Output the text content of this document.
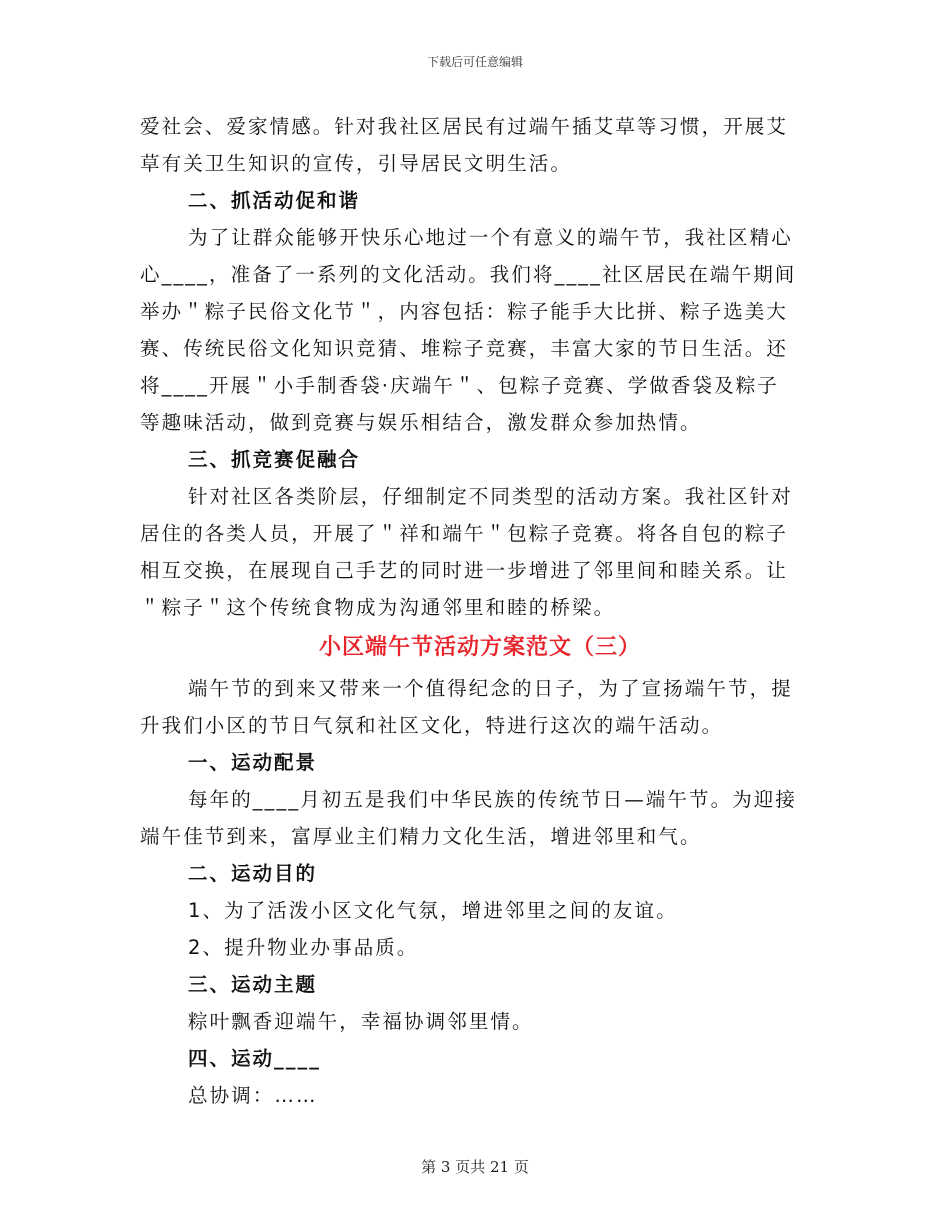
下载后可任意编辑
爱社会、爱家情感。针对我社区居民有过端午插艾草等习惯，开展艾
草有关卫生知识的宣传，引导居民文明生活。
二、抓活动促和谐
为了让群众能够开快乐心地过一个有意义的端午节，我社区精心
心____，准备了一系列的文化活动。我们将____社区居民在端午期间
举办＂粽子民俗文化节＂，内容包括：粽子能手大比拼、粽子选美大
赛、传统民俗文化知识竞猜、堆粽子竞赛，丰富大家的节日生活。还
将____开展＂小手制香袋·庆端午＂、包粽子竞赛、学做香袋及粽子
等趣味活动，做到竞赛与娱乐相结合，激发群众参加热情。
三、抓竞赛促融合
针对社区各类阶层，仔细制定不同类型的活动方案。我社区针对
居住的各类人员，开展了＂祥和端午＂包粽子竞赛。将各自包的粽子
相互交换，在展现自己手艺的同时进一步增进了邻里间和睦关系。让
＂粽子＂这个传统食物成为沟通邻里和睦的桥梁。
小区端午节活动方案范文（三）
端午节的到来又带来一个值得纪念的日子，为了宣扬端午节，提
升我们小区的节日气氛和社区文化，特进行这次的端午活动。
一、运动配景
每年的____月初五是我们中华民族的传统节日—端午节。为迎接
端午佳节到来，富厚业主们精力文化生活，增进邻里和气。
二、运动目的
1、为了活泼小区文化气氛，增进邻里之间的友谊。
2、提升物业办事品质。
三、运动主题
粽叶飘香迎端午，幸福协调邻里情。
四、运动____
总协调：……
第 3 页共 21 页
